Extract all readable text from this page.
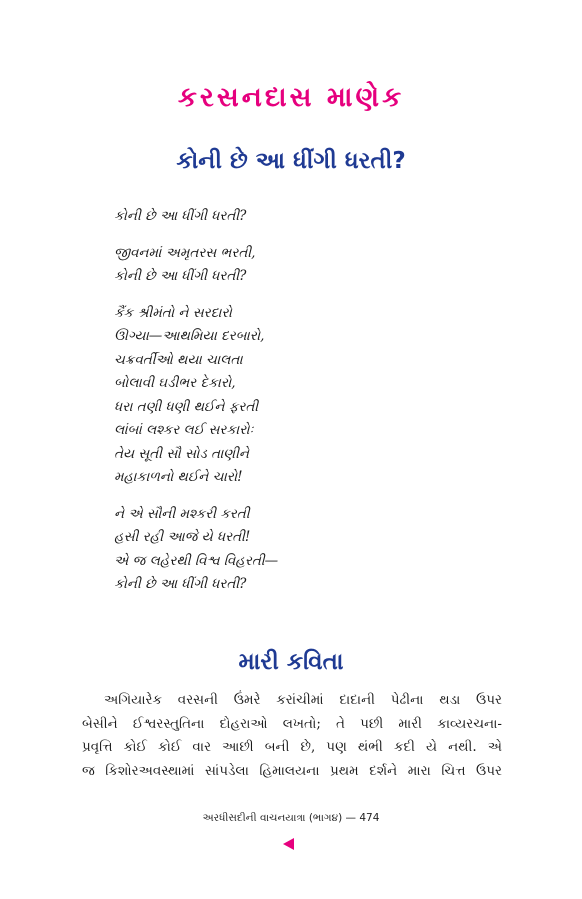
કરસનદાસ માણેક
કોની છે આ ધીંગી ધરતી?
કોની છે આ ધીંગી ધરતી?
જીવનમાં અમૃતરસ ભરતી,
કોની છે આ ધીંગી ધરતી?
કૈંક શ્રીમંતો ને સરદારો
ઊગ્યા—આથમિયા દરબારો,
ચક્રવર્તીઓ થયા ચાલતા
બોલાવી ઘડીભર દેકારો,
ધરા તણી ધણી થઈને ફરતી
લાંબાં લશ્કર લઈ સરકારોઃ
તેય સૂતી સૌ સોડ તાણીને
મહાકાળનો થઈને ચારો!
ને એ સૌની મશ્કરી કરતી
હસી રહી આજે યે ધરતી!
એ જ લહેરથી વિશ્વ વિહરતી—
કોની છે આ ધીંગી ધરતી?
મારી કવિતા
અગિયારેક વરસની ઉંમરે કરાંચીમાં દાદાની પેઢીના થડા ઉપર
બેસીને ઈશ્વરસ્તુતિના દોહરાઓ લખતો; તે પછી મારી કાવ્યરચના-
પ્રવૃત્તિ કોઈ કોઈ વાર આછી બની છે, પણ થંભી કદી યે નથી. એ
જ કિશોરઅવસ્થામાં સાંપડેલા હિમાલયના પ્રથમ દર્શને મારા ચિત્ત ઉપર
અરધીસદીની વાચનયાત્રા (ભાગ૪) — 474
